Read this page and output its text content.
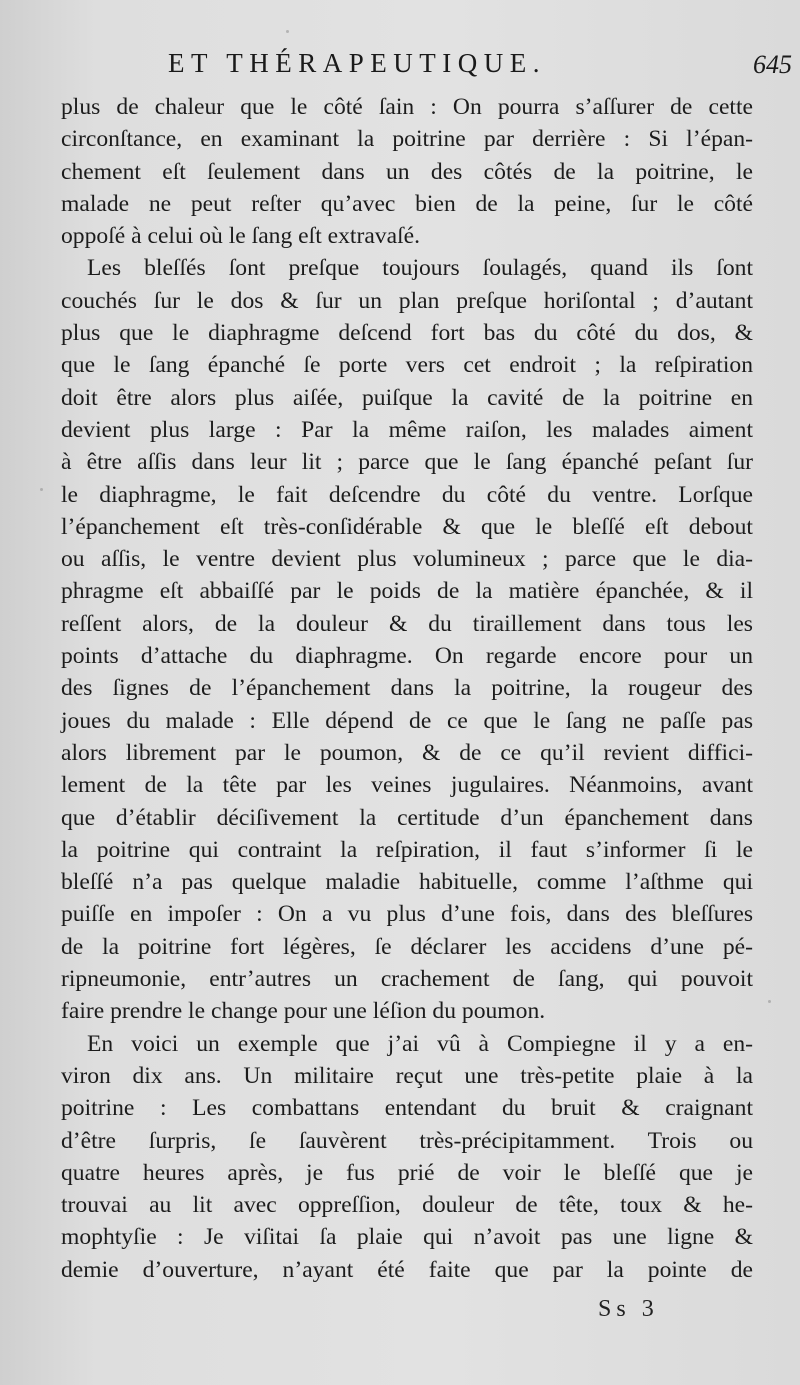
ET THÉRAPEUTIQUE.	645
plus de chaleur que le côté ſain : On pourra s’aſſurer de cette
circonſtance, en examinant la poitrine par derrière : Si l’épan-
chement eſt ſeulement dans un des côtés de la poitrine, le
malade ne peut reſter qu’avec bien de la peine, ſur le côté
oppoſé à celui où le ſang eſt extravaſé.
Les bleſſés ſont preſque toujours ſoulagés, quand ils ſont
couchés ſur le dos & ſur un plan preſque horiſontal ; d’autant
plus que le diaphragme deſcend fort bas du côté du dos, &
que le ſang épanché ſe porte vers cet endroit ; la reſpiration
doit être alors plus aiſée, puiſque la cavité de la poitrine en
devient plus large : Par la même raiſon, les malades aiment
à être aſſis dans leur lit ; parce que le ſang épanché peſant ſur
le diaphragme, le fait deſcendre du côté du ventre. Lorſque
l’épanchement eſt très-conſidérable & que le bleſſé eſt debout
ou aſſis, le ventre devient plus volumineux ; parce que le dia-
phragme eſt abbaiſſé par le poids de la matière épanchée, & il
reſſent alors, de la douleur & du tiraillement dans tous les
points d’attache du diaphragme. On regarde encore pour un
des ſignes de l’épanchement dans la poitrine, la rougeur des
joues du malade : Elle dépend de ce que le ſang ne paſſe pas
alors librement par le poumon, & de ce qu’il revient diffici-
lement de la tête par les veines jugulaires. Néanmoins, avant
que d’établir déciſivement la certitude d’un épanchement dans
la poitrine qui contraint la reſpiration, il faut s’informer ſi le
bleſſé n’a pas quelque maladie habituelle, comme l’aſthme qui
puiſſe en impoſer : On a vu plus d’une fois, dans des bleſſures
de la poitrine fort légères, ſe déclarer les accidens d’une pé-
ripneumonie, entr’autres un crachement de ſang, qui pouvoit
faire prendre le change pour une léſion du poumon.
En voici un exemple que j’ai vû à Compiegne il y a en-
viron dix ans. Un militaire reçut une très-petite plaie à la
poitrine : Les combattans entendant du bruit & craignant
d’être ſurpris, ſe ſauvèrent très-précipitamment. Trois ou
quatre heures après, je fus prié de voir le bleſſé que je
trouvai au lit avec oppreſſion, douleur de tête, toux & he-
mophtyſie : Je viſitai ſa plaie qui n’avoit pas une ligne &
demie d’ouverture, n’ayant été faite que par la pointe de
Ss 3
